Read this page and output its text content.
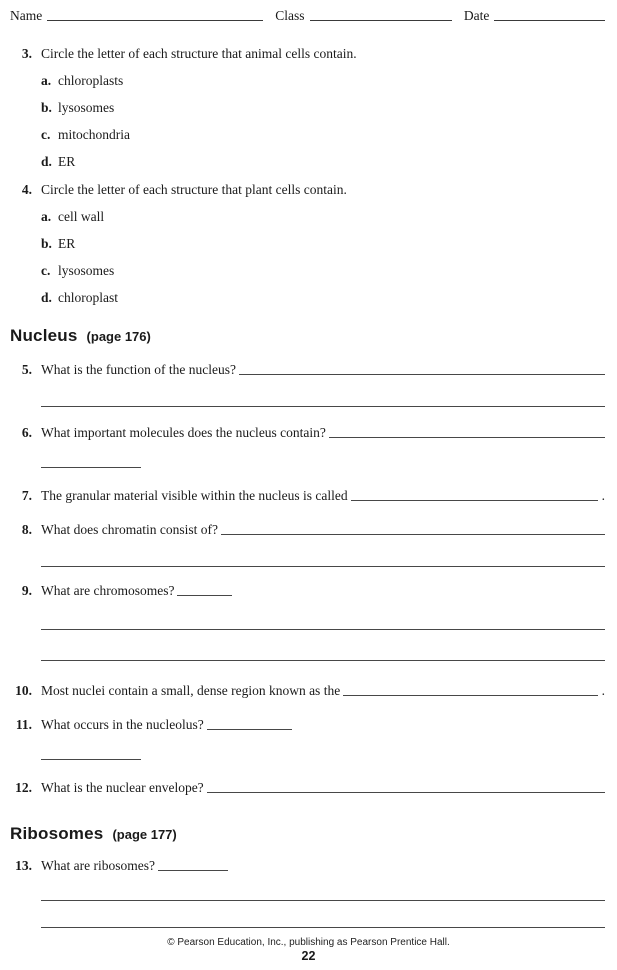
Name	Class	Date
3. Circle the letter of each structure that animal cells contain.
a. chloroplasts
b. lysosomes
c. mitochondria
d. ER
4. Circle the letter of each structure that plant cells contain.
a. cell wall
b. ER
c. lysosomes
d. chloroplast
Nucleus (page 176)
5. What is the function of the nucleus?
6. What important molecules does the nucleus contain?
7. The granular material visible within the nucleus is called	.
8. What does chromatin consist of?
9. What are chromosomes?
10. Most nuclei contain a small, dense region known as the	.
11. What occurs in the nucleolus?
12. What is the nuclear envelope?
Ribosomes (page 177)
13. What are ribosomes?
© Pearson Education, Inc., publishing as Pearson Prentice Hall.
22
